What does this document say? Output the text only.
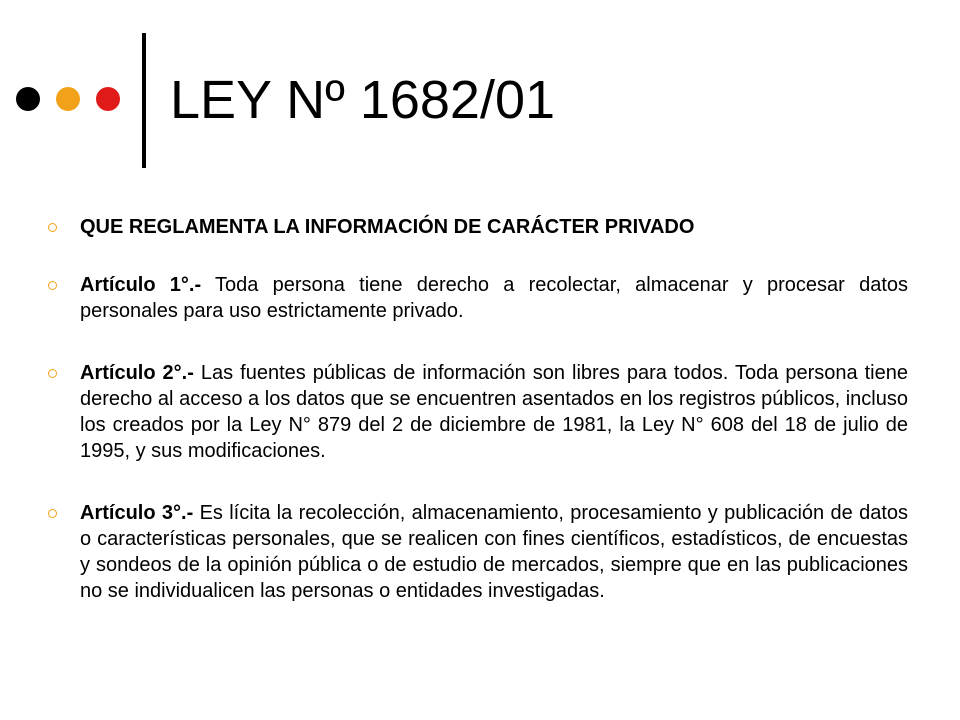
LEY Nº 1682/01
QUE REGLAMENTA LA INFORMACIÓN DE CARÁCTER PRIVADO
Artículo 1°.- Toda persona tiene derecho a recolectar, almacenar y procesar datos personales para uso estrictamente privado.
Artículo 2°.- Las fuentes públicas de información son libres para todos. Toda persona tiene derecho al acceso a los datos que se encuentren asentados en los registros públicos, incluso los creados por la Ley N° 879 del 2 de diciembre de 1981, la Ley N° 608 del 18 de julio de 1995, y sus modificaciones.
Artículo 3°.- Es lícita la recolección, almacenamiento, procesamiento y publicación de datos o características personales, que se realicen con fines científicos, estadísticos, de encuestas y sondeos de la opinión pública o de estudio de mercados, siempre que en las publicaciones no se individualicen las personas o entidades investigadas.
